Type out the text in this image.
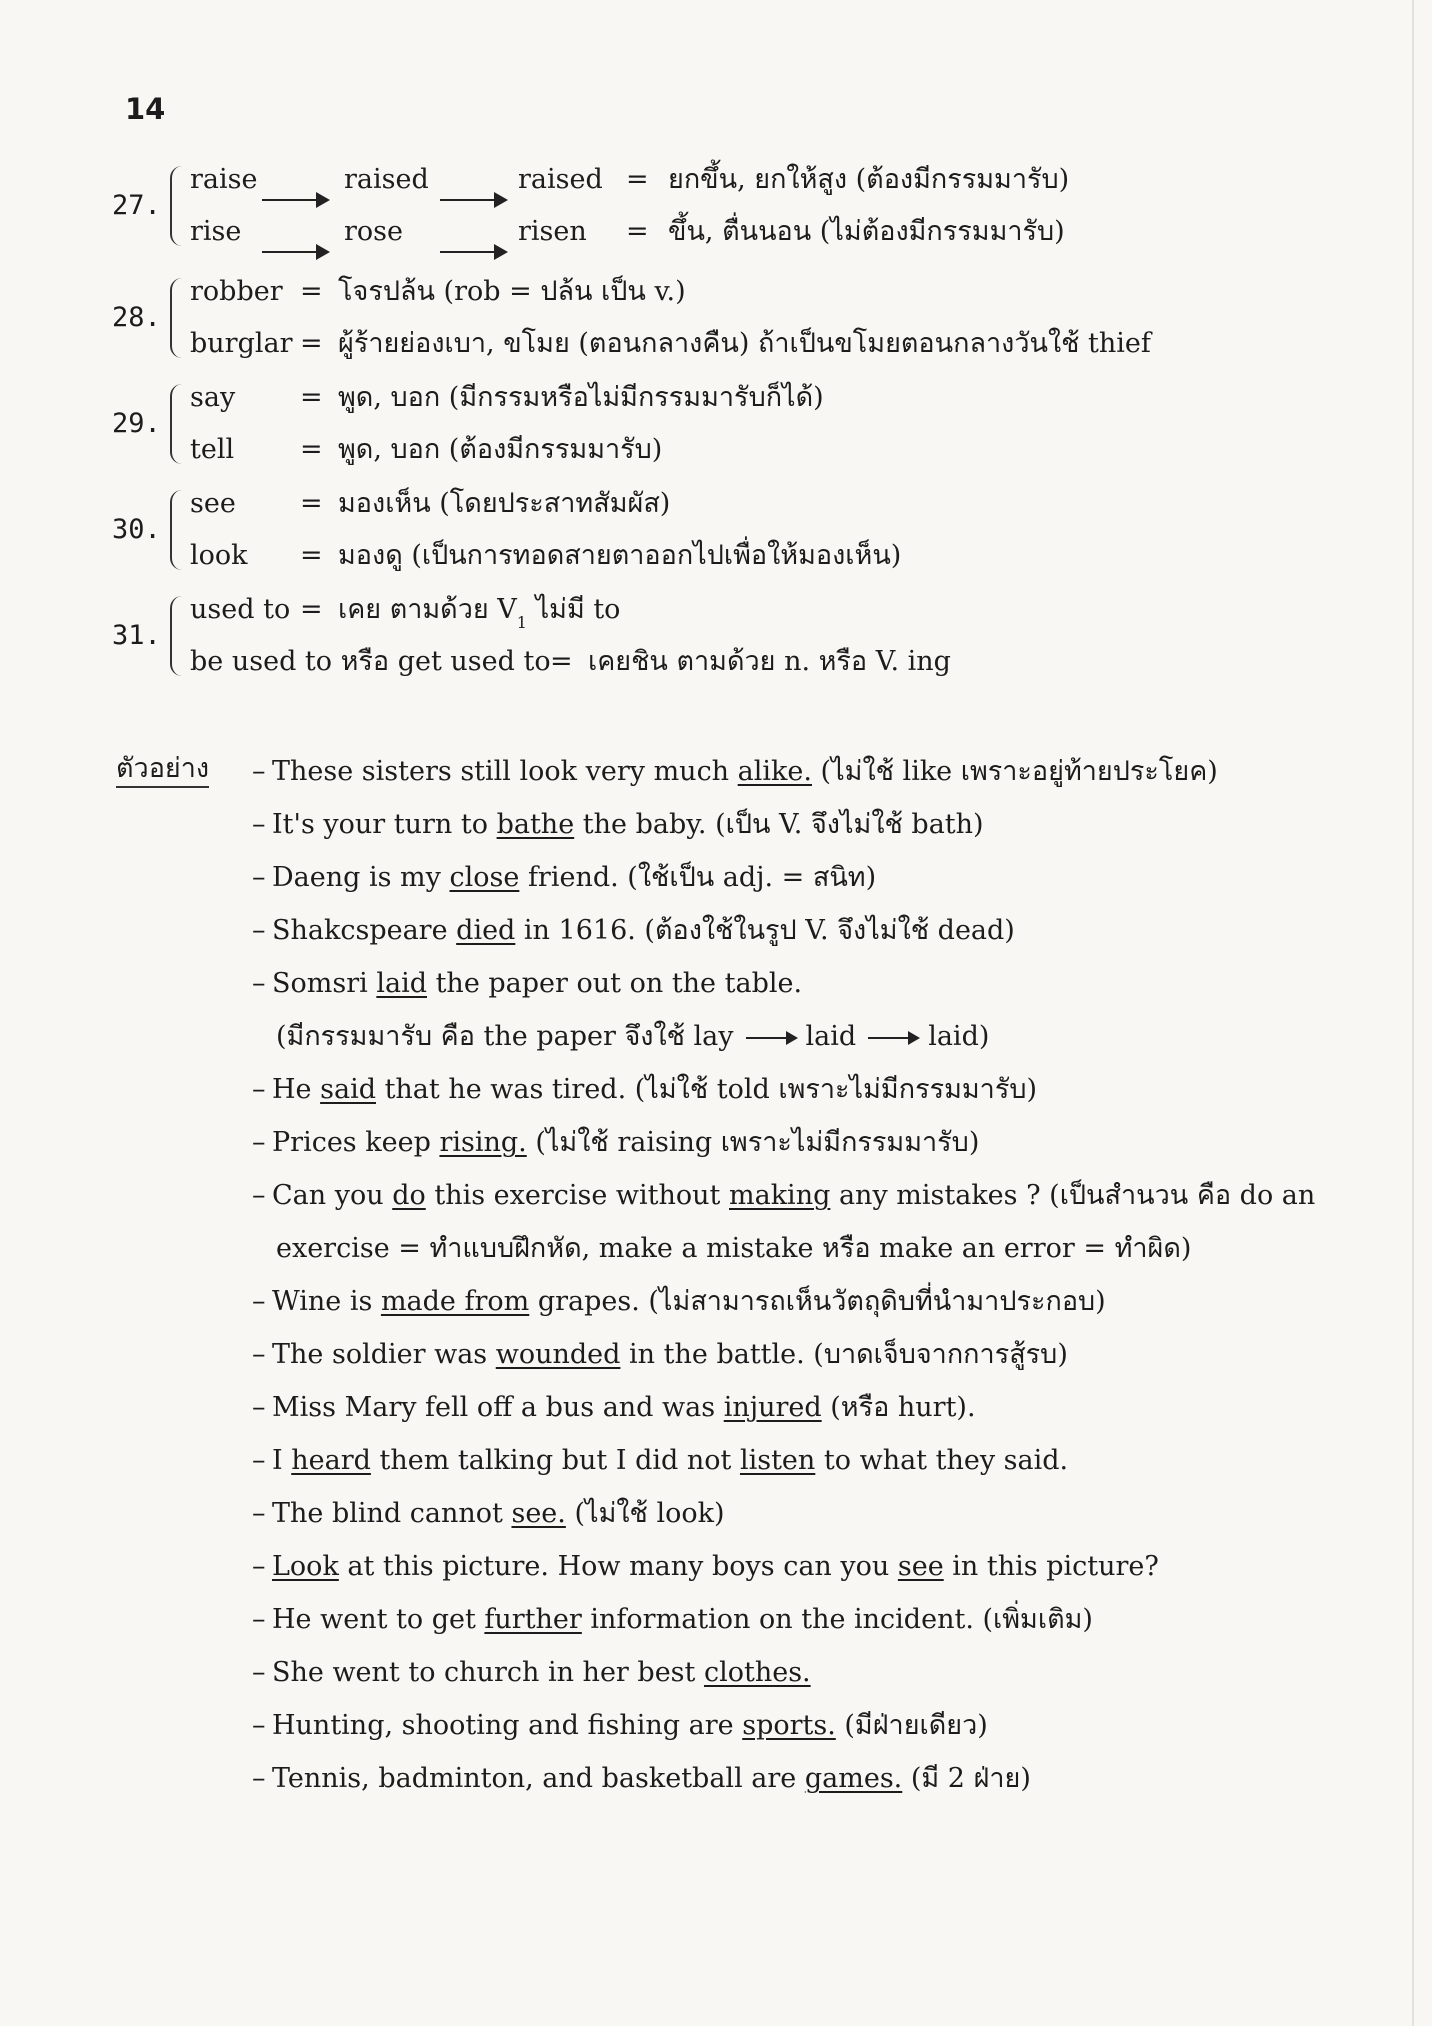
14
27.
raise	raised	raised = ยกขึ้น, ยกให้สูง (ต้องมีกรรมมารับ)
rise	rose	risen = ขึ้น, ตื่นนอน (ไม่ต้องมีกรรมมารับ)
28.
robber = โจรปล้น (rob = ปล้น เป็น v.)
burglar = ผู้ร้ายย่องเบา, ขโมย (ตอนกลางคืน) ถ้าเป็นขโมยตอนกลางวันใช้ thief
29.
say = พูด, บอก (มีกรรมหรือไม่มีกรรมมารับก็ได้)
tell = พูด, บอก (ต้องมีกรรมมารับ)
30.
see = มองเห็น (โดยประสาทสัมผัส)
look = มองดู (เป็นการทอดสายตาออกไปเพื่อให้มองเห็น)
31.
used to = เคย ตามด้วย $V_1$ ไม่มี to
be used to หรือ get used to = เคยชิน ตามด้วย n. หรือ V. ing
ตัวอย่าง – These sisters still look very much alike. (ไม่ใช้ like เพราะอยู่ท้ายประโยค)
– It's your turn to bathe the baby. (เป็น V. จึงไม่ใช้ bath)
– Daeng is my close friend. (ใช้เป็น adj. = สนิท)
– Shakcspeare died in 1616. (ต้องใช้ในรูป V. จึงไม่ใช้ dead)
– Somsri laid the paper out on the table.
(มีกรรมมารับ คือ the paper จึงใช้ lay	laid	laid)
– He said that he was tired. (ไม่ใช้ told เพราะไม่มีกรรมมารับ)
– Prices keep rising. (ไม่ใช้ raising เพราะไม่มีกรรมมารับ)
– Can you do this exercise without making any mistakes ? (เป็นสำนวน คือ do an
exercise = ทำแบบฝึกหัด, make a mistake หรือ make an error = ทำผิด)
– Wine is made from grapes. (ไม่สามารถเห็นวัตถุดิบที่นำมาประกอบ)
– The soldier was wounded in the battle. (บาดเจ็บจากการสู้รบ)
– Miss Mary fell off a bus and was injured (หรือ hurt).
– I heard them talking but I did not listen to what they said.
– The blind cannot see. (ไม่ใช้ look)
– Look at this picture. How many boys can you see in this picture?
– He went to get further information on the incident. (เพิ่มเติม)
– She went to church in her best clothes.
– Hunting, shooting and fishing are sports. (มีฝ่ายเดียว)
– Tennis, badminton, and basketball are games. (มี 2 ฝ่าย)
